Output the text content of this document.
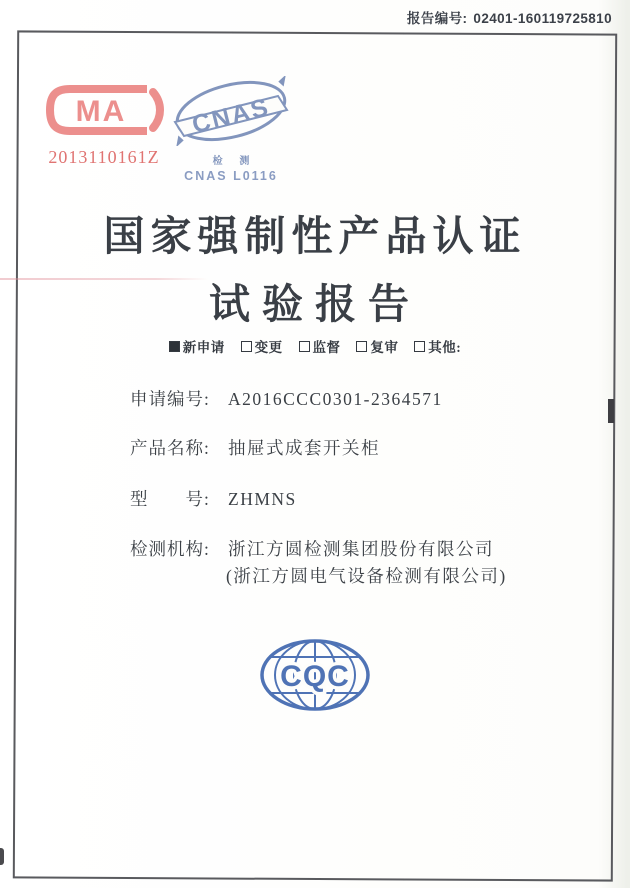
报告编号: 02401-160119725810
MA
2013110161Z
CNAS
检 测
CNAS L0116
国家强制性产品认证
试验报告
新申请
变更
监督
复审
其他:
申请编号: A2016CCC0301-2364571
产品名称: 抽屉式成套开关柜
型　　号: ZHMNS
检测机构: 浙江方圆检测集团股份有限公司
(浙江方圆电气设备检测有限公司)
CQC
